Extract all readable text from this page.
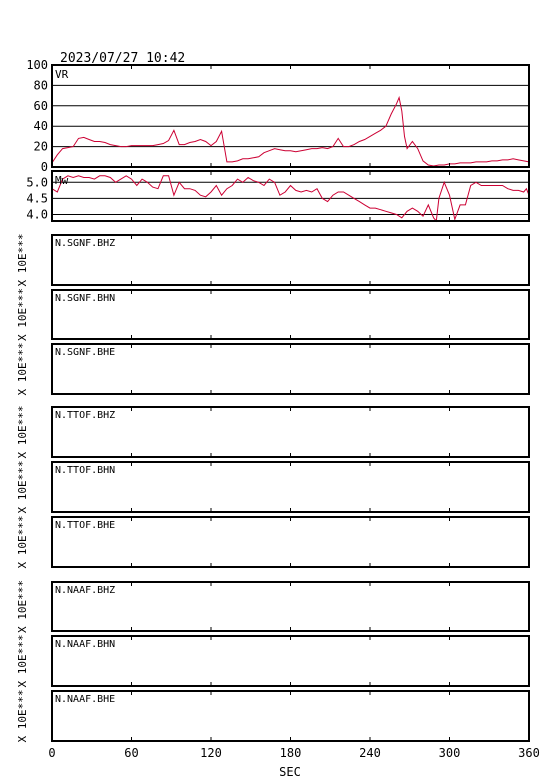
2023/07/27 10:42
0
20
40
60
80
100
VR
4.0
4.5
5.0 Mw
N.SGNF.BHZ
X 10E***
N.SGNF.BHN
X 10E***
N.SGNF.BHE
X 10E***
N.TTOF.BHZ
X 10E***
N.TTOF.BHN
X 10E***
N.TTOF.BHE
X 10E***
N.NAAF.BHZ
X 10E***
N.NAAF.BHN
X 10E***
N.NAAF.BHE
X 10E***
0	60	120	180	240	300	360
SEC
